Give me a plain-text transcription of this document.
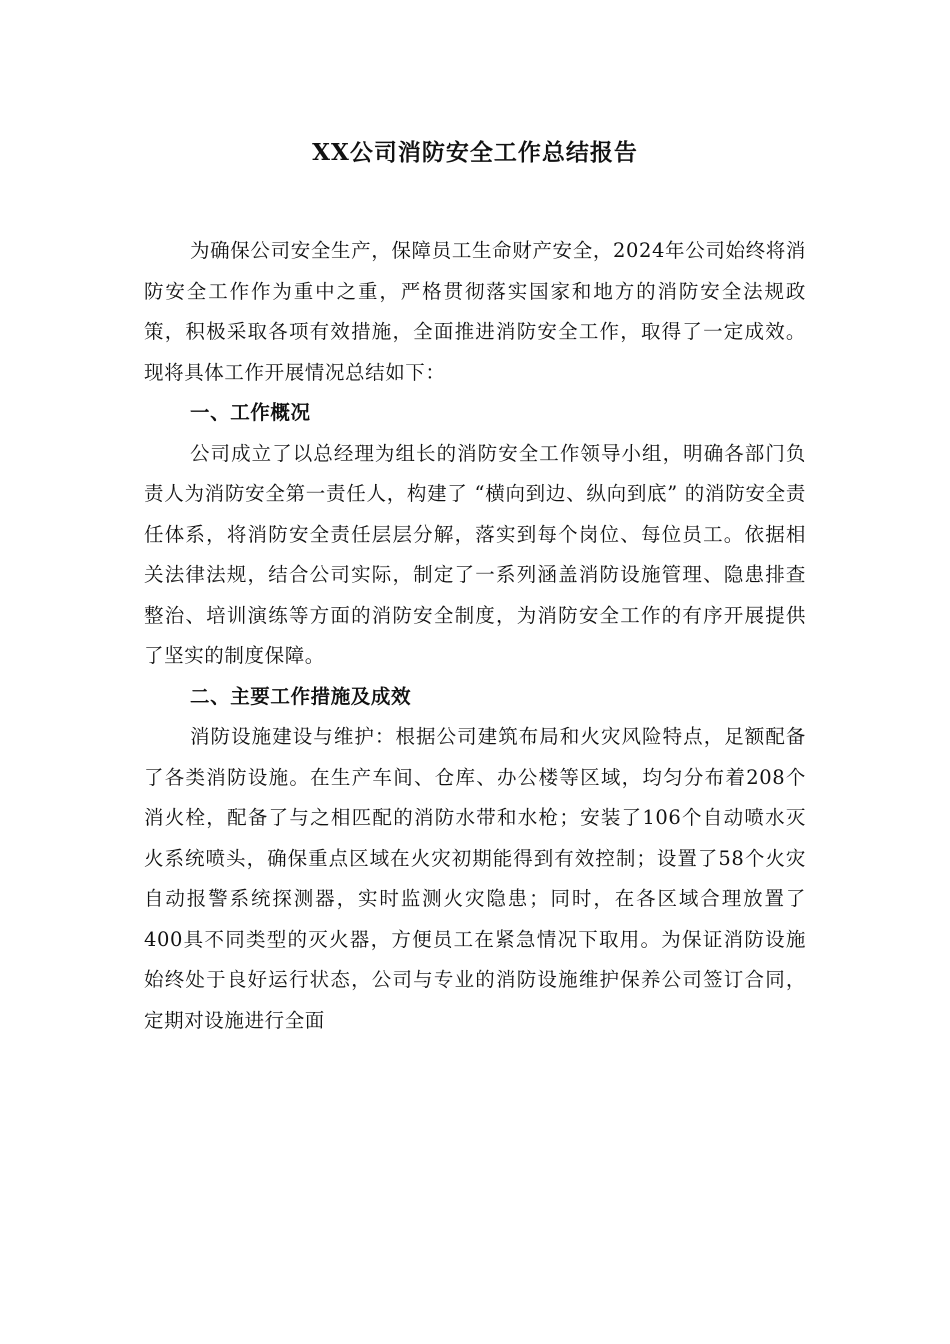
XX公司消防安全工作总结报告

为确保公司安全生产，保障员工生命财产安全，2024年公司始终将消防安全工作作为重中之重，严格贯彻落实国家和地方的消防安全法规政策，积极采取各项有效措施，全面推进消防安全工作，取得了一定成效。现将具体工作开展情况总结如下：

一、工作概况

公司成立了以总经理为组长的消防安全工作领导小组，明确各部门负责人为消防安全第一责任人，构建了 “横向到边、纵向到底” 的消防安全责任体系，将消防安全责任层层分解，落实到每个岗位、每位员工。依据相关法律法规，结合公司实际，制定了一系列涵盖消防设施管理、隐患排查整治、培训演练等方面的消防安全制度，为消防安全工作的有序开展提供了坚实的制度保障。

二、主要工作措施及成效

消防设施建设与维护：根据公司建筑布局和火灾风险特点，足额配备了各类消防设施。在生产车间、仓库、办公楼等区域，均匀分布着208个消火栓，配备了与之相匹配的消防水带和水枪；安装了106个自动喷水灭火系统喷头，确保重点区域在火灾初期能得到有效控制；设置了58个火灾自动报警系统探测器，实时监测火灾隐患；同时，在各区域合理放置了400具不同类型的灭火器，方便员工在紧急情况下取用。为保证消防设施始终处于良好运行状态，公司与专业的消防设施维护保养公司签订合同，定期对设施进行全面
